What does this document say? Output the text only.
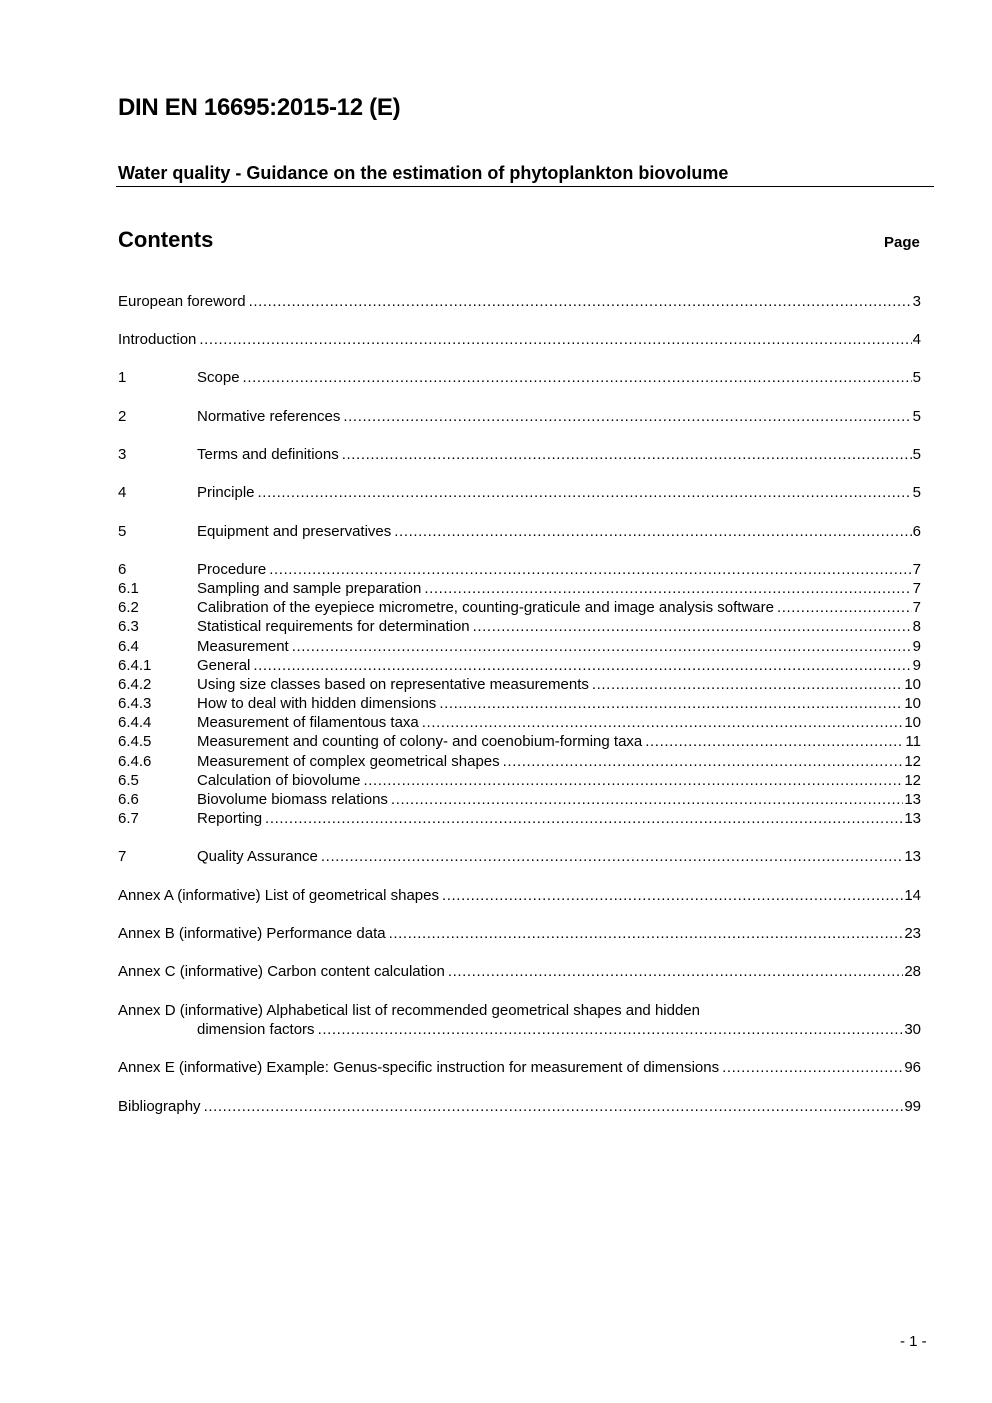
DIN EN 16695:2015-12 (E)
Water quality - Guidance on the estimation of phytoplankton biovolume
Contents	Page
European foreword .....	3
Introduction .....	4
1	Scope .....	5
2	Normative references .....	5
3	Terms and definitions .....	5
4	Principle .....	5
5	Equipment and preservatives .....	6
6	Procedure .....	7
6.1	Sampling and sample preparation .....	7
6.2	Calibration of the eyepiece micrometre, counting-graticule and image analysis software .....	7
6.3	Statistical requirements for determination .....	8
6.4	Measurement .....	9
6.4.1	General .....	9
6.4.2	Using size classes based on representative measurements .....	10
6.4.3	How to deal with hidden dimensions .....	10
6.4.4	Measurement of filamentous taxa .....	10
6.4.5	Measurement and counting of colony- and coenobium-forming taxa .....	11
6.4.6	Measurement of complex geometrical shapes .....	12
6.5	Calculation of biovolume .....	12
6.6	Biovolume biomass relations .....	13
6.7	Reporting .....	13
7	Quality Assurance .....	13
Annex A (informative) List of geometrical shapes .....	14
Annex B (informative) Performance data .....	23
Annex C (informative) Carbon content calculation .....	28
Annex D (informative) Alphabetical list of recommended geometrical shapes and hidden
dimension factors .....	30
Annex E (informative) Example: Genus-specific instruction for measurement of dimensions .....	96
Bibliography .....	99
- 1 -
